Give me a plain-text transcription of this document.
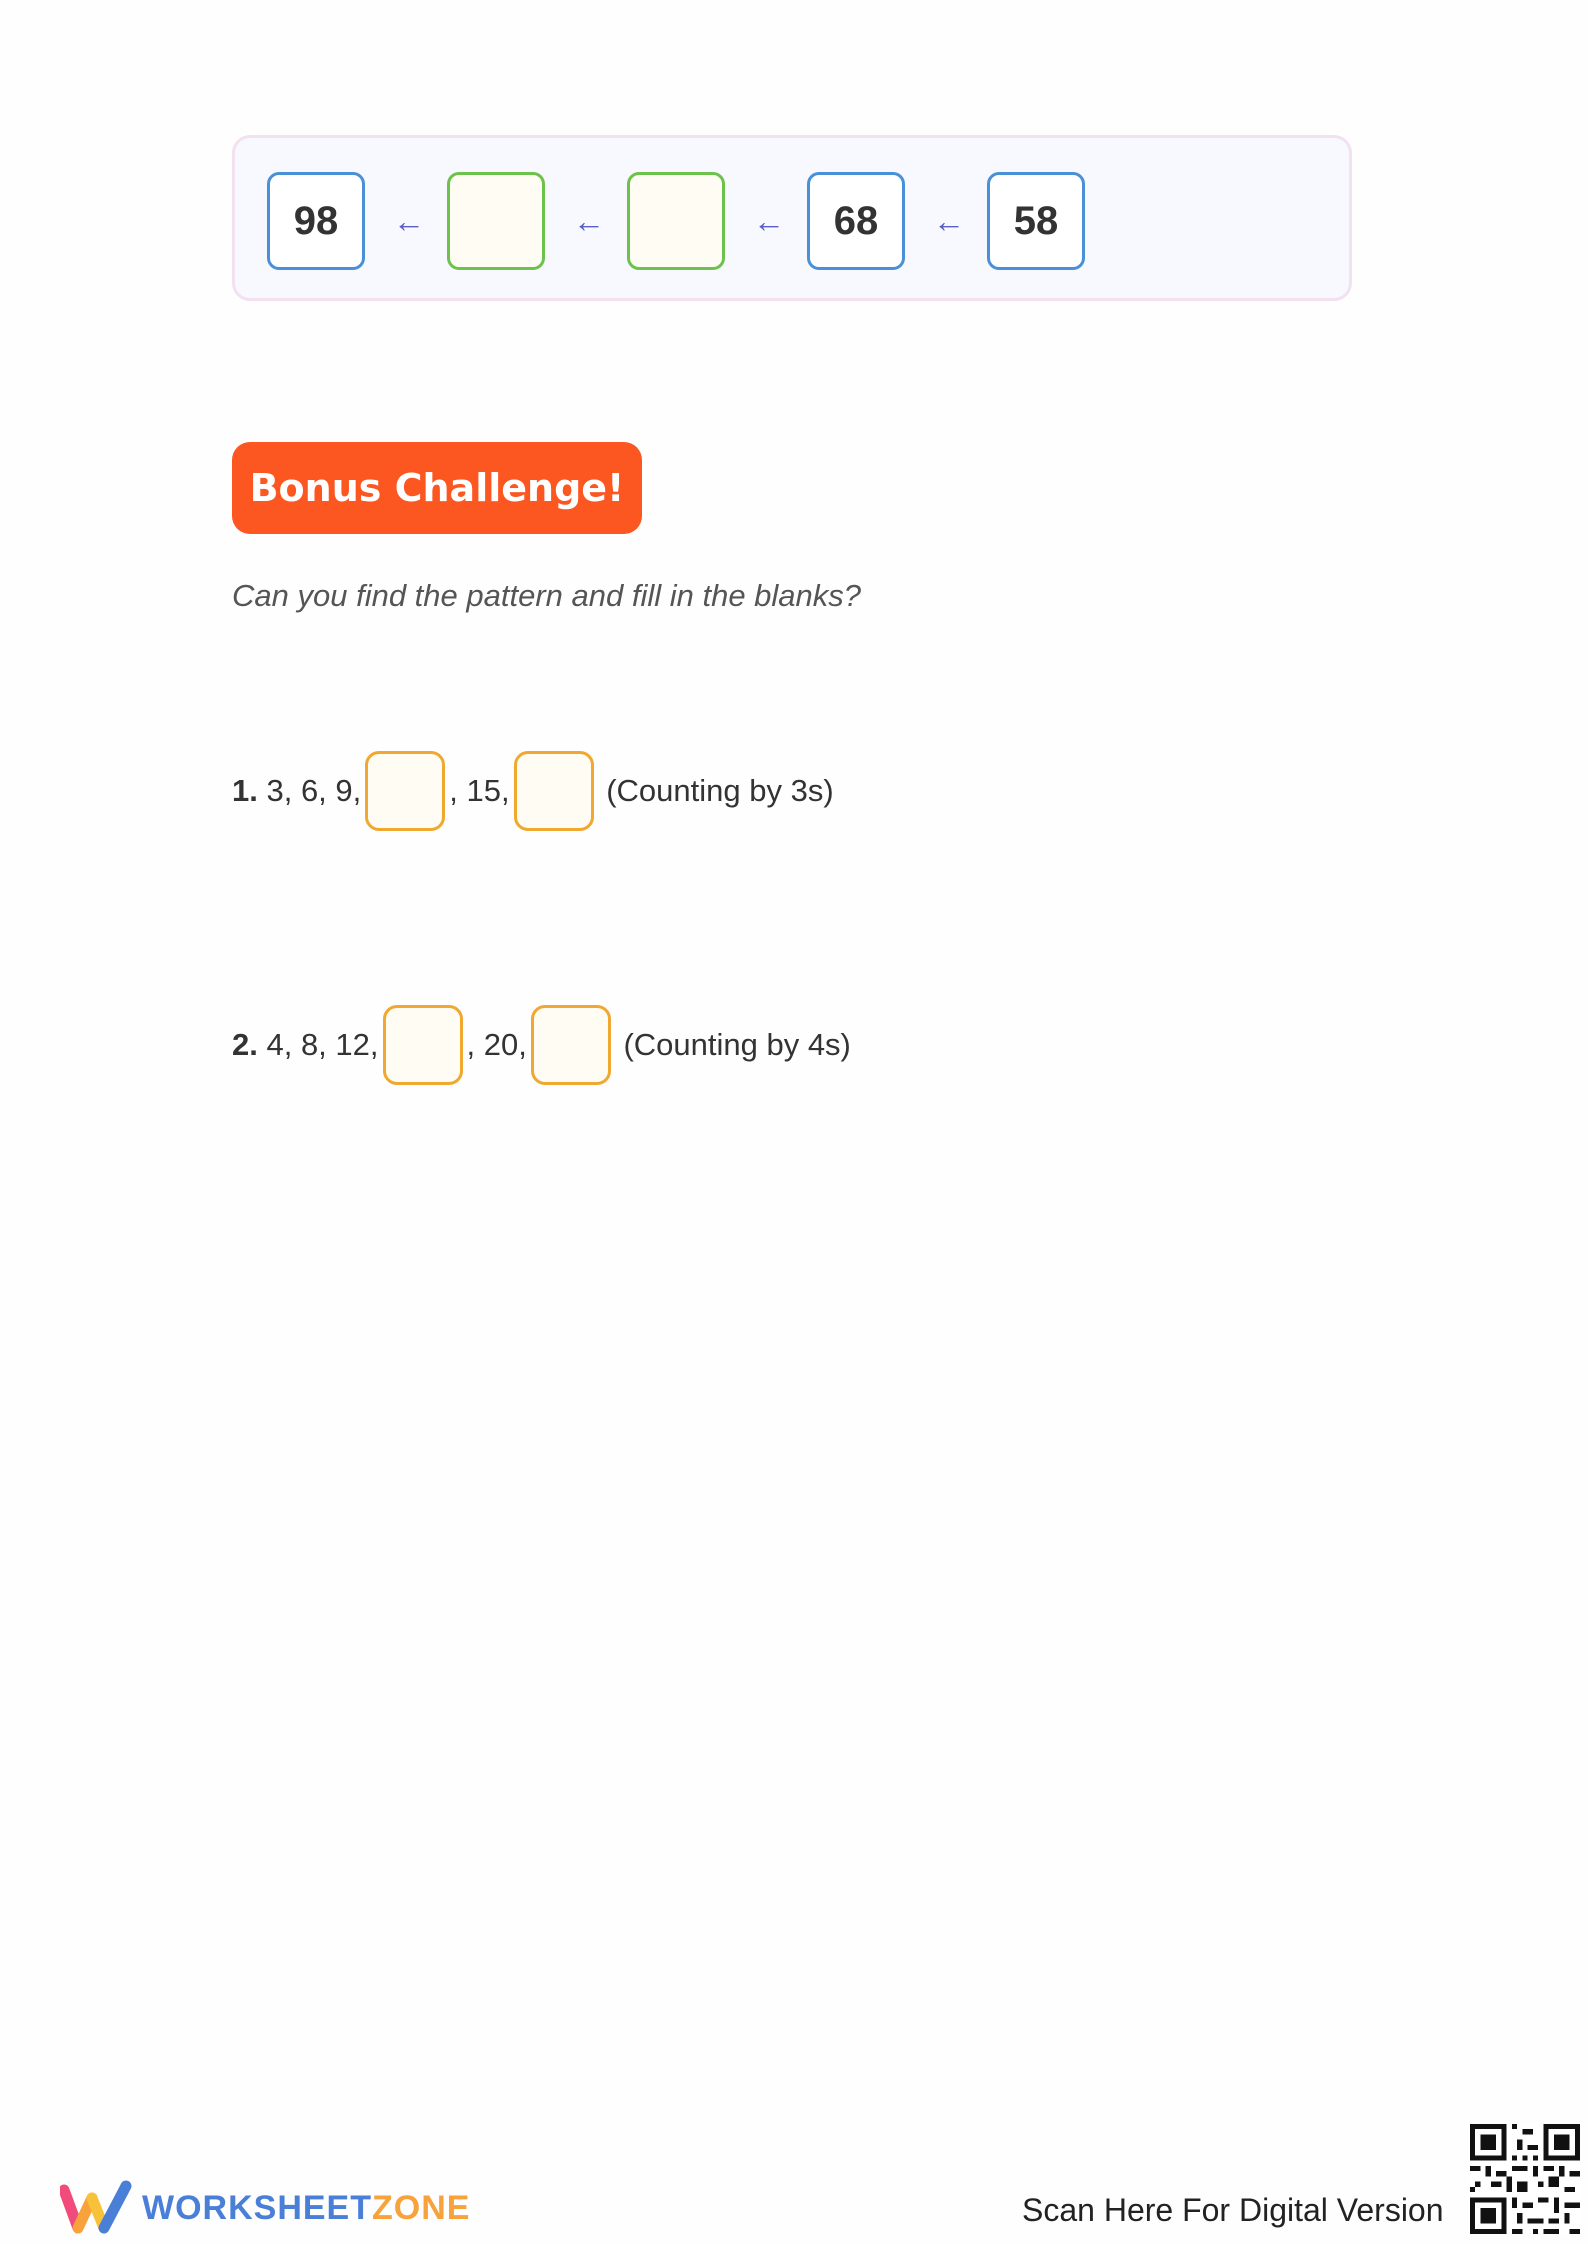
98	←	←	←	68	←	58
Bonus Challenge!
Can you find the pattern and fill in the blanks?
1. 3, 6, 9,	, 15,	(Counting by 3s)
2. 4, 8, 12,	, 20,	(Counting by 4s)
WORKSHEETZONE	Scan Here For Digital Version
